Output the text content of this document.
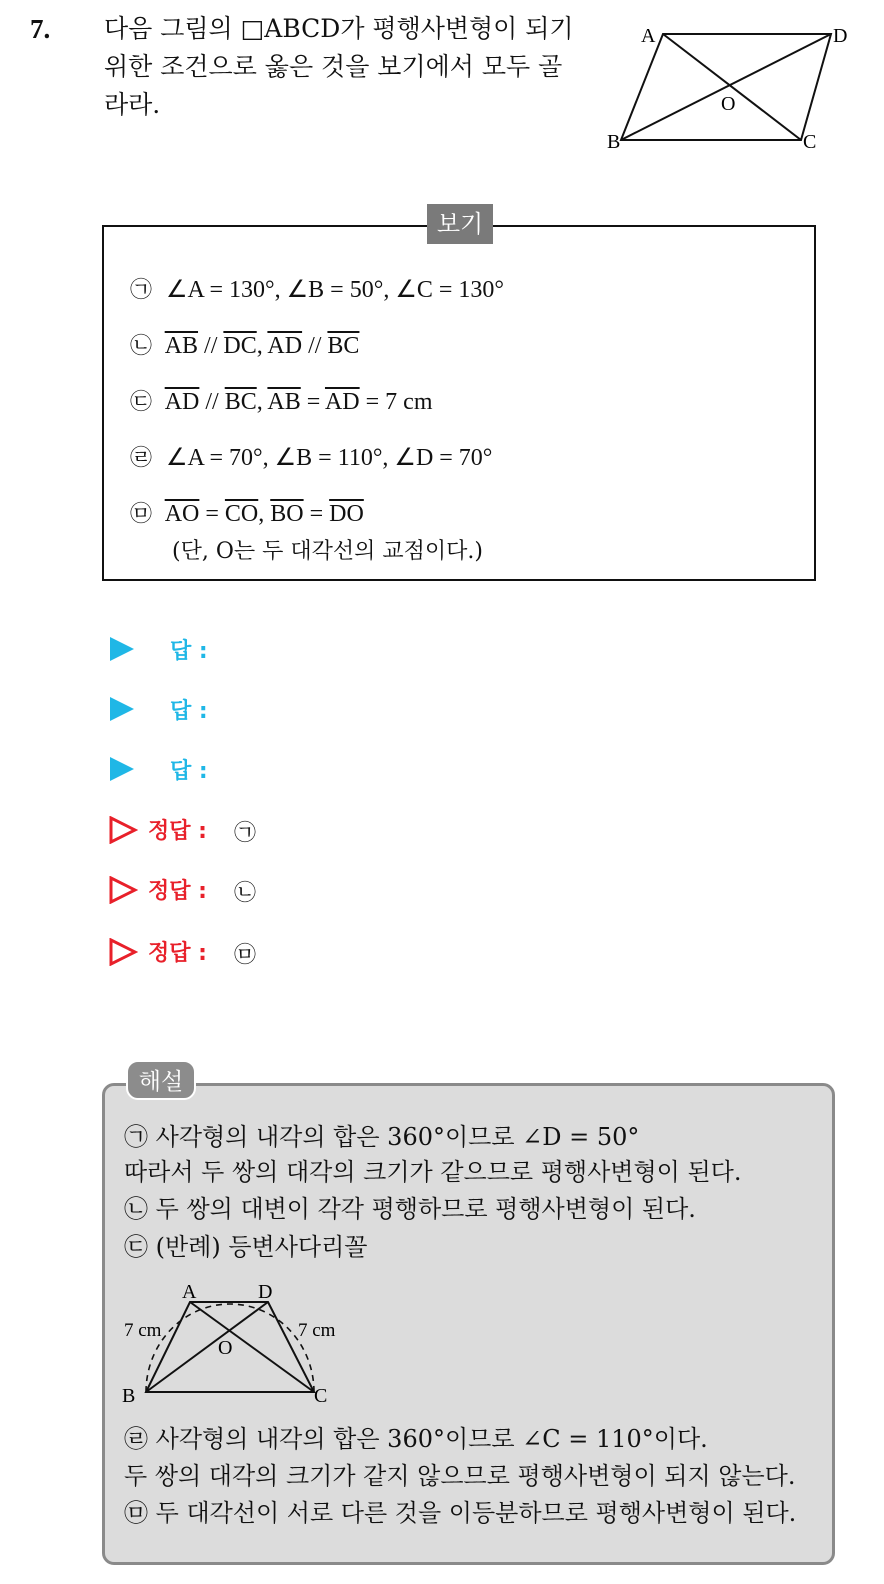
7. 다음 그림의 □ABCD가 평행사변형이 되기
위한 조건으로 옳은 것을 보기에서 모두 골
라라.
A	D
B	C
O
보기
㉠ ∠A = 130°, ∠B = 50°, ∠C = 130°
㉡ $\overline{AB} // \overline{DC}$, $\overline{AD} // \overline{BC}$
㉢ $\overline{AD} // \overline{BC}$, $\overline{AB} = \overline{AD} = 7$ cm
㉣ ∠A = 70°, ∠B = 110°, ∠D = 70°
㉤ $\overline{AO} = \overline{CO}$, $\overline{BO} = \overline{DO}$
(단, O는 두 대각선의 교점이다.)
답 :
답 :
답 :
정답 : ㉠
정답 : ㉡
정답 : ㉤
해설
㉠ 사각형의 내각의 합은 360°이므로 ∠D = 50°
따라서 두 쌍의 대각의 크기가 같으므로 평행사변형이 된다.
㉡ 두 쌍의 대변이 각각 평행하므로 평행사변형이 된다.
㉢ (반례) 등변사다리꼴
A	D
B	C
O
7 cm	7 cm
㉣ 사각형의 내각의 합은 360°이므로 ∠C = 110°이다.
두 쌍의 대각의 크기가 같지 않으므로 평행사변형이 되지 않는다.
㉤ 두 대각선이 서로 다른 것을 이등분하므로 평행사변형이 된다.
